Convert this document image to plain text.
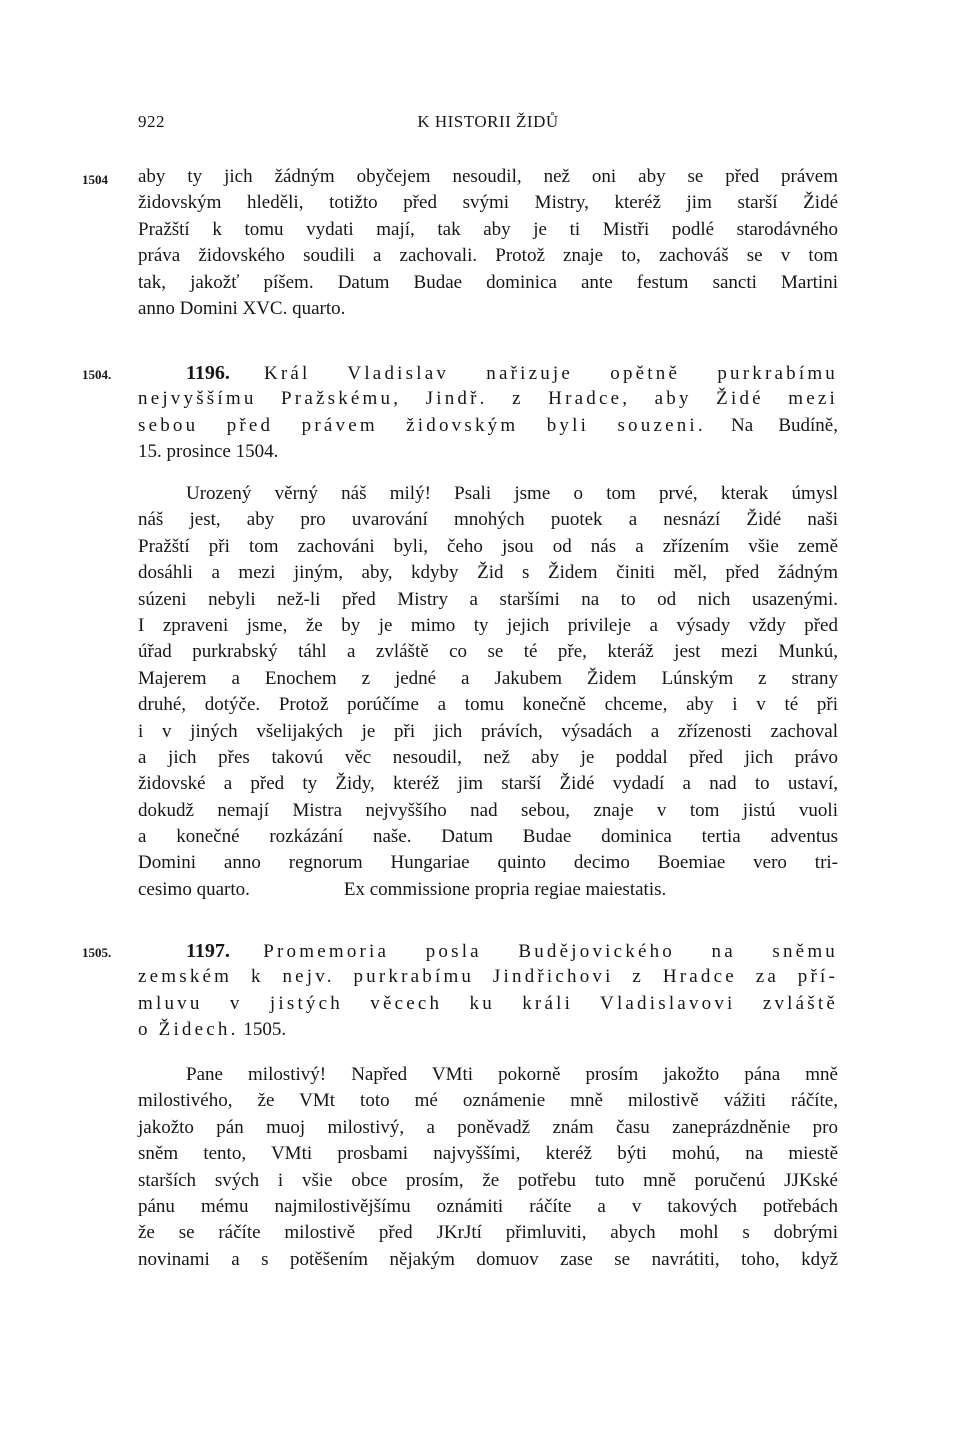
922	K HISTORII ŽIDŮ
1504
1504.
1505.
aby ty jich žádným obyčejem nesoudil, než oni aby se před právem
židovským hleděli, totižto před svými Mistry, kteréž jim starší Židé
Pražští k tomu vydati mají, tak aby je ti Mistři podlé starodávného
práva židovského soudili a zachovali. Protož znaje to, zachováš se v tom
tak, jakožť píšem. Datum Budae dominica ante festum sancti Martini
anno Domini XVC. quarto.
1196. Král Vladislav nařizuje opětně purkrabímu
nejvyššímu Pražskému, Jindř. z Hradce, aby Židé mezi
sebou před právem židovským byli souzeni. Na Budíně,
15. prosince 1504.
Urozený věrný náš milý! Psali jsme o tom prvé, kterak úmysl
náš jest, aby pro uvarování mnohých puotek a nesnází Židé naši
Pražští při tom zachováni byli, čeho jsou od nás a zřízením všie země
dosáhli a mezi jiným, aby, kdyby Žid s Židem činiti měl, před žádným
súzeni nebyli než-li před Mistry a staršími na to od nich usazenými.
I zpraveni jsme, že by je mimo ty jejich privileje a výsady vždy před
úřad purkrabský táhl a zvláště co se té pře, kteráž jest mezi Munkú,
Majerem a Enochem z jedné a Jakubem Židem Lúnským z strany
druhé, dotýče. Protož porúčíme a tomu konečně chceme, aby i v té při
i v jiných všelijakých je při jich právích, výsadách a zřízenosti zachoval
a jich přes takovú věc nesoudil, než aby je poddal před jich právo
židovské a před ty Židy, kteréž jim starší Židé vydadí a nad to ustaví,
dokudž nemají Mistra nejvyššího nad sebou, znaje v tom jistú vuoli
a konečné rozkázání naše. Datum Budae dominica tertia adventus
Domini anno regnorum Hungariae quinto decimo Boemiae vero tri-
cesimo quarto.	Ex commissione propria regiae maiestatis.
1197. Promemoria posla Budějovického na sněmu
zemském k nejv. purkrabímu Jindřichovi z Hradce za pří-
mluvu v jistých věcech ku králi Vladislavovi zvláště
o Židech. 1505.
Pane milostivý! Napřed VMti pokorně prosím jakožto pána mně
milostivého, že VMt toto mé oznámenie mně milostivě vážiti ráčíte,
jakožto pán muoj milostivý, a poněvadž znám času zaneprázdněnie pro
sněm tento, VMti prosbami najvyššími, kteréž býti mohú, na miestě
starších svých i všie obce prosím, že potřebu tuto mně poručenú JJKské
pánu mému najmilostivějšímu oznámiti ráčíte a v takových potřebách
že se ráčíte milostivě před JKrJtí přimluviti, abych mohl s dobrými
novinami a s potěšením nějakým domuov zase se navrátiti, toho, když
